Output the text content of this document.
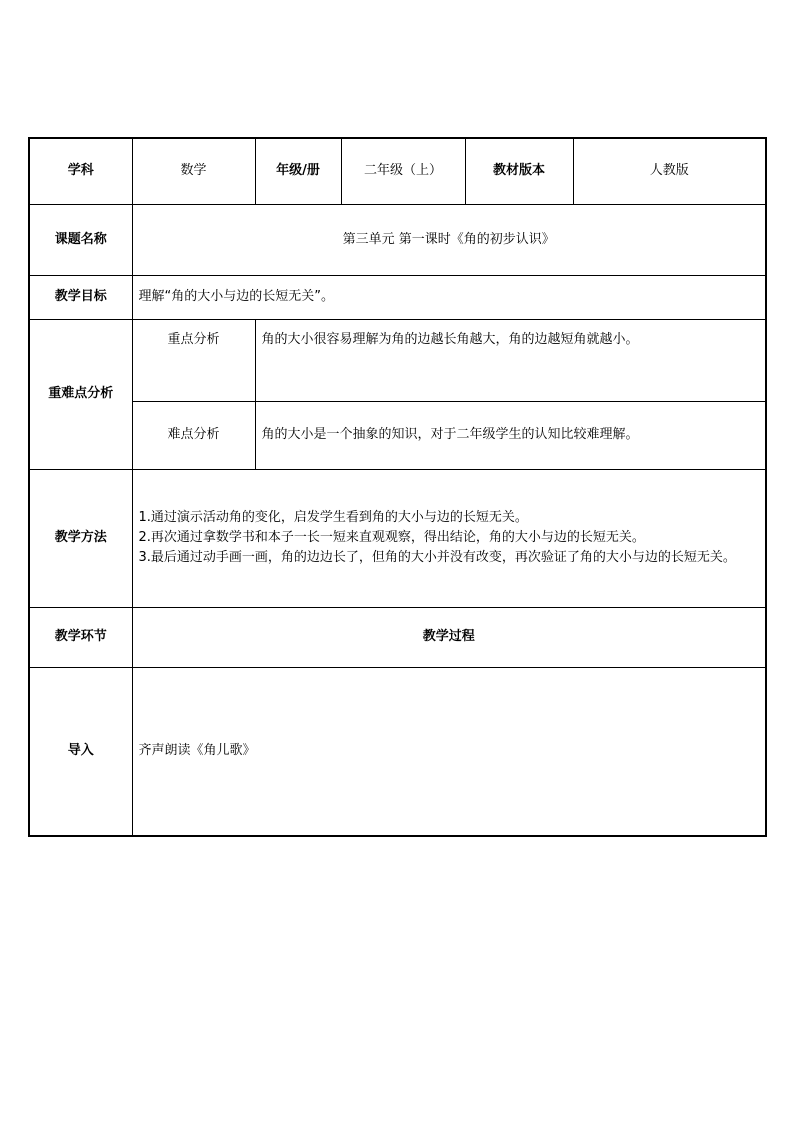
学科	数学	年级/册	二年级（上）	教材版本	人教版
课题名称	第三单元 第一课时《角的初步认识》				
教学目标	理解“角的大小与边的长短无关”。				
重难点分析	重点分析	角的大小很容易理解为角的边越长角越大，角的边越短角就越小。			
	难点分析	角的大小是一个抽象的知识，对于二年级学生的认知比较难理解。			
教学方法	1.通过演示活动角的变化，启发学生看到角的大小与边的长短无关。

2.再次通过拿数学书和本子一长一短来直观观察，得出结论，角的大小与边的长短无关。

3.最后通过动手画一画，角的边边长了，但角的大小并没有改变，再次验证了角的大小与边的长短无关。				

教学环节	教学过程				
导入	齐声朗读《角儿歌》				
